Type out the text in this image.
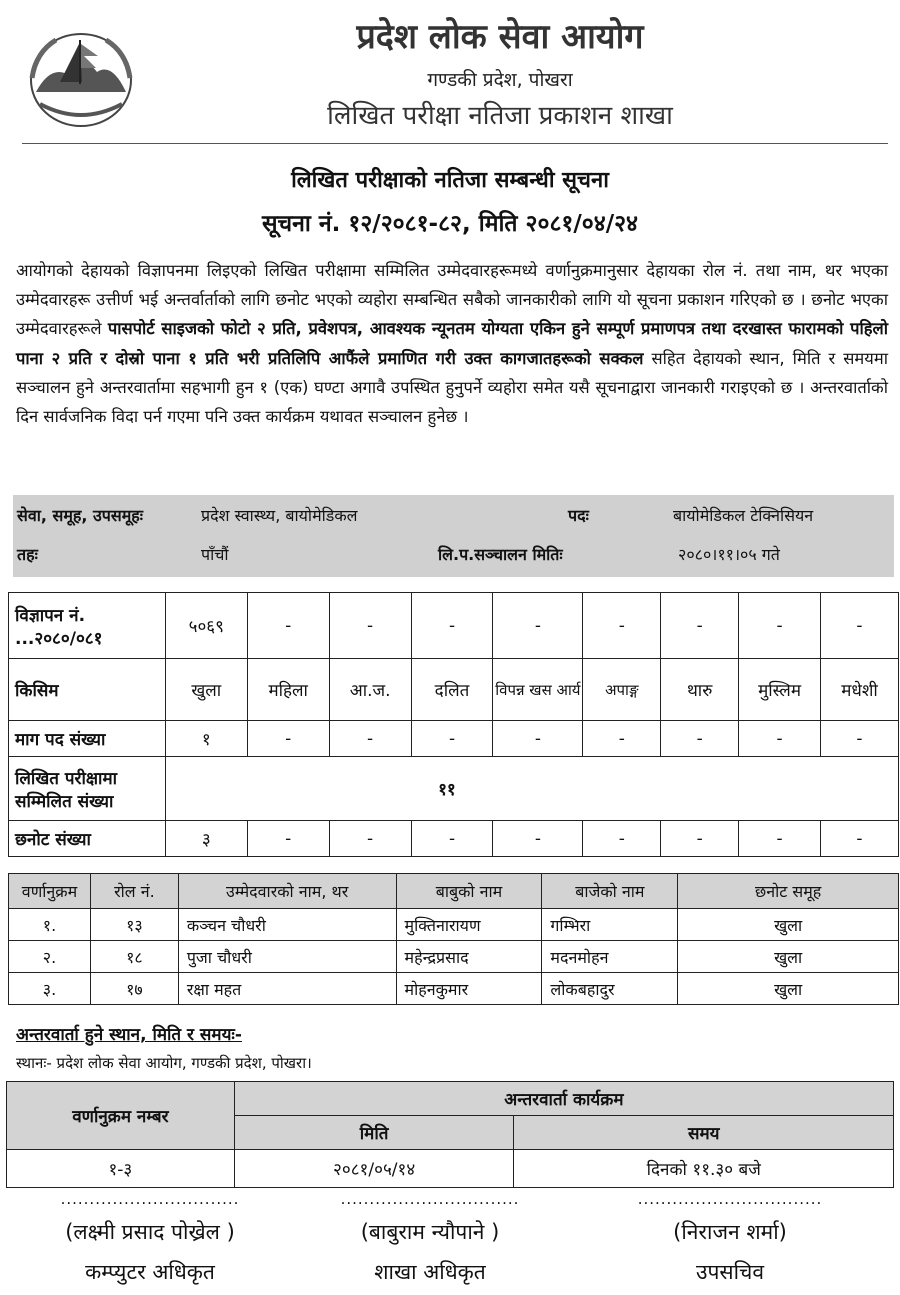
प्रदेश लोक सेवा आयोग
गण्डकी प्रदेश, पोखरा
लिखित परीक्षा नतिजा प्रकाशन शाखा
लिखित परीक्षाको नतिजा सम्बन्धी सूचना
सूचना नं. १२/२०८१-८२, मिति २०८१/०४/२४
आयोगको देहायको विज्ञापनमा लिइएको लिखित परीक्षामा सम्मिलित उम्मेदवारहरूमध्ये वर्णानुक्रमानुसार देहायका रोल नं. तथा नाम, थर भएका उम्मेदवारहरू उत्तीर्ण भई अन्तर्वार्ताको लागि छनोट भएको व्यहोरा सम्बन्धित सबैको जानकारीको लागि यो सूचना प्रकाशन गरिएको छ । छनोट भएका उम्मेदवारहरूले पासपोर्ट साइजको फोटो २ प्रति, प्रवेशपत्र, आवश्यक न्यूनतम योग्यता एकिन हुने सम्पूर्ण प्रमाणपत्र तथा दरखास्त फारामको पहिलो पाना २ प्रति र दोस्रो पाना १ प्रति भरी प्रतिलिपि आफैंले प्रमाणित गरी उक्त कागजातहरूको सक्कल सहित देहायको स्थान, मिति र समयमा सञ्चालन हुने अन्तरवार्तामा सहभागी हुन १ (एक) घण्टा अगावै उपस्थित हुनुपर्ने व्यहोरा समेत यसै सूचनाद्वारा जानकारी गराइएको छ । अन्तरवार्ताको दिन सार्वजनिक विदा पर्न गएमा पनि उक्त कार्यक्रम यथावत सञ्चालन हुनेछ ।
सेवा, समूह, उपसमूहः	प्रदेश स्वास्थ्य, बायोमेडिकल	पदः	बायोमेडिकल टेक्निसियन
तहः	पाँचौं	लि.प.सञ्चालन मितिः	२०८०।११।०५ गते
विज्ञापन नं. ...२०८०/०८१	५०६९	-	-	-	-	-	-	-	-
किसिम	खुला	महिला	आ.ज.	दलित	विपन्न खस आर्य	अपाङ्ग	थारु	मुस्लिम	मधेशी
माग पद संख्या	१	-	-	-	-	-	-	-	-
लिखित परीक्षामा सम्मिलित संख्या	११								
छनोट संख्या	३	-	-	-	-	-	-	-	-
वर्णानुक्रम	रोल नं.	उम्मेदवारको नाम, थर	बाबुको नाम	बाजेको नाम	छनोट समूह
१.	१३	कञ्चन चौधरी	मुक्तिनारायण	गम्भिरा	खुला
२.	१८	पुजा चौधरी	महेन्द्रप्रसाद	मदनमोहन	खुला
३.	१७	रक्षा महत	मोहनकुमार	लोकबहादुर	खुला
अन्तरवार्ता हुने स्थान, मिति र समयः-
स्थानः- प्रदेश लोक सेवा आयोग, गण्डकी प्रदेश, पोखरा।
वर्णानुक्रम नम्बर	अन्तरवार्ता कार्यक्रम	
	मिति	समय
१-३	२०८१/०५/१४	दिनको ११.३० बजे
...............................
(लक्ष्मी प्रसाद पोख्रेल )
कम्प्युटर अधिकृत
...............................
(बाबुराम न्यौपाने )
शाखा अधिकृत
................................
(निराजन शर्मा)
उपसचिव
